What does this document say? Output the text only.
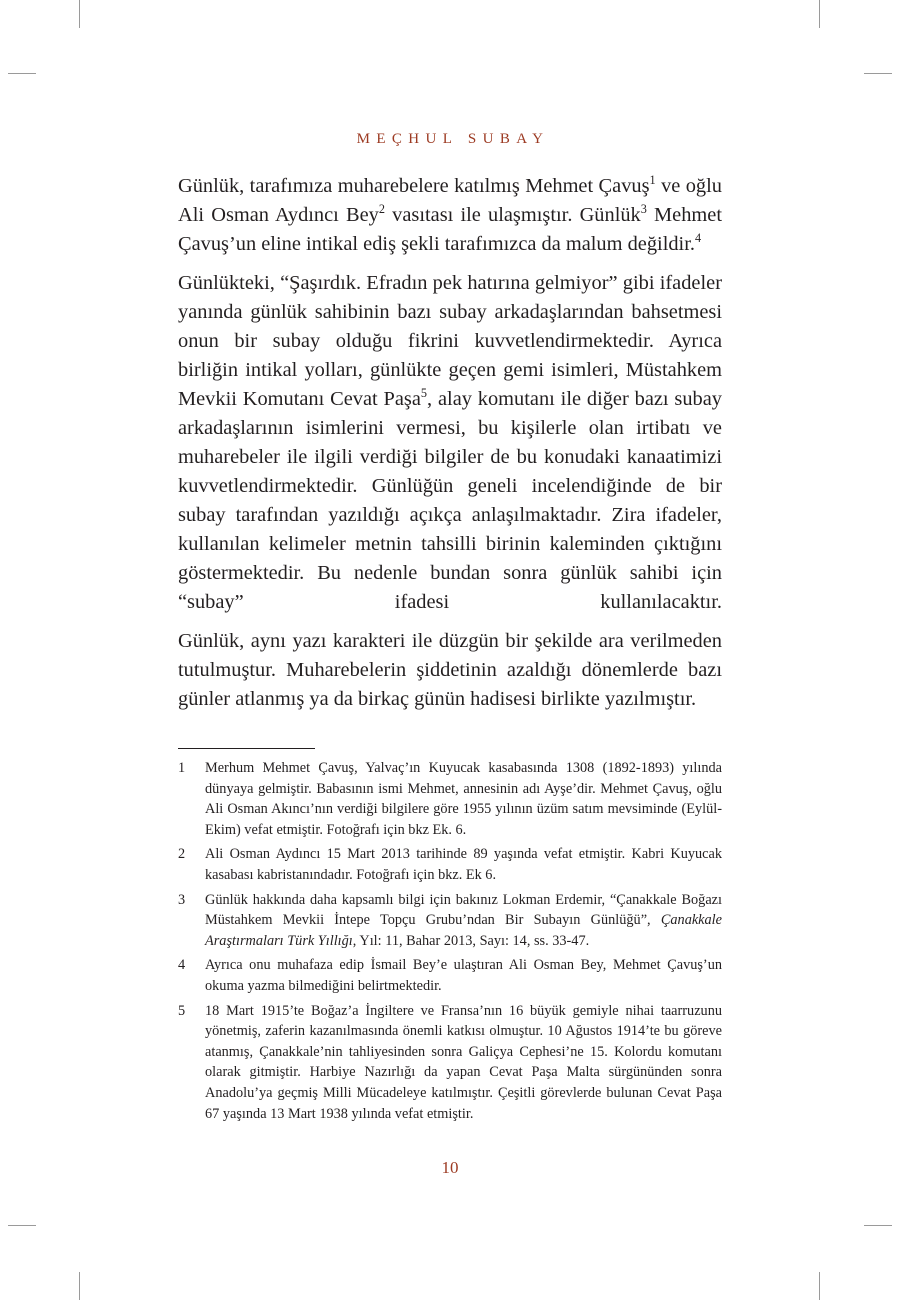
MEÇHUL SUBAY

Günlük, tarafımıza muharebelere katılmış Mehmet Çavuş$^1$ ve oğlu Ali Osman Aydıncı Bey$^2$ vasıtası ile ulaşmıştır. Günlük$^3$ Mehmet Çavuş’un eline intikal ediş şekli tarafımızca da malum değildir.$^4$

Günlükteki, “Şaşırdık. Efradın pek hatırına gelmiyor” gibi ifadeler yanında günlük sahibinin bazı subay arkadaşlarından bahsetmesi onun bir subay olduğu fikrini kuvvetlendirmektedir. Ayrıca birliğin intikal yolları, günlükte geçen gemi isimleri, Müstahkem Mevkii Komutanı Cevat Paşa$^5$, alay komutanı ile diğer bazı subay arkadaşlarının isimlerini vermesi, bu kişilerle olan irtibatı ve muharebeler ile ilgili verdiği bilgiler de bu konudaki kanaatimizi kuvvetlendirmektedir. Günlüğün geneli incelendiğinde de bir subay tarafından yazıldığı açıkça anlaşılmaktadır. Zira ifadeler, kullanılan kelimeler metnin tahsilli birinin kaleminden çıktığını göstermektedir. Bu nedenle bundan sonra günlük sahibi için “subay” ifadesi kullanılacaktır.

Günlük, aynı yazı karakteri ile düzgün bir şekilde ara verilmeden tutulmuştur. Muharebelerin şiddetinin azaldığı dönemlerde bazı günler atlanmış ya da birkaç günün hadisesi birlikte yazılmıştır.

1	Merhum Mehmet Çavuş, Yalvaç’ın Kuyucak kasabasında 1308 (1892-1893) yılında dünyaya gelmiştir. Babasının ismi Mehmet, annesinin adı Ayşe’dir. Mehmet Çavuş, oğlu Ali Osman Akıncı’nın verdiği bilgilere göre 1955 yılının üzüm satım mevsiminde (Eylül-Ekim) vefat etmiştir. Fotoğrafı için bkz Ek. 6.
2	Ali Osman Aydıncı 15 Mart 2013 tarihinde 89 yaşında vefat etmiştir. Kabri Kuyucak kasabası kabristanındadır. Fotoğrafı için bkz. Ek 6.
3	Günlük hakkında daha kapsamlı bilgi için bakınız Lokman Erdemir, “Çanakkale Boğazı Müstahkem Mevkii İntepe Topçu Grubu’ndan Bir Subayın Günlüğü”, Çanakkale Araştırmaları Türk Yıllığı, Yıl: 11, Bahar 2013, Sayı: 14, ss. 33-47.
4	Ayrıca onu muhafaza edip İsmail Bey’e ulaştıran Ali Osman Bey, Mehmet Çavuş’un okuma yazma bilmediğini belirtmektedir.
5	18 Mart 1915’te Boğaz’a İngiltere ve Fransa’nın 16 büyük gemiyle nihai taarruzunu yönetmiş, zaferin kazanılmasında önemli katkısı olmuştur. 10 Ağustos 1914’te bu göreve atanmış, Çanakkale’nin tahliyesinden sonra Galiçya Cephesi’ne 15. Kolordu komutanı olarak gitmiştir. Harbiye Nazırlığı da yapan Cevat Paşa Malta sürgününden sonra Anadolu’ya geçmiş Milli Mücadeleye katılmıştır. Çeşitli görevlerde bulunan Cevat Paşa 67 yaşında 13 Mart 1938 yılında vefat etmiştir.
10
